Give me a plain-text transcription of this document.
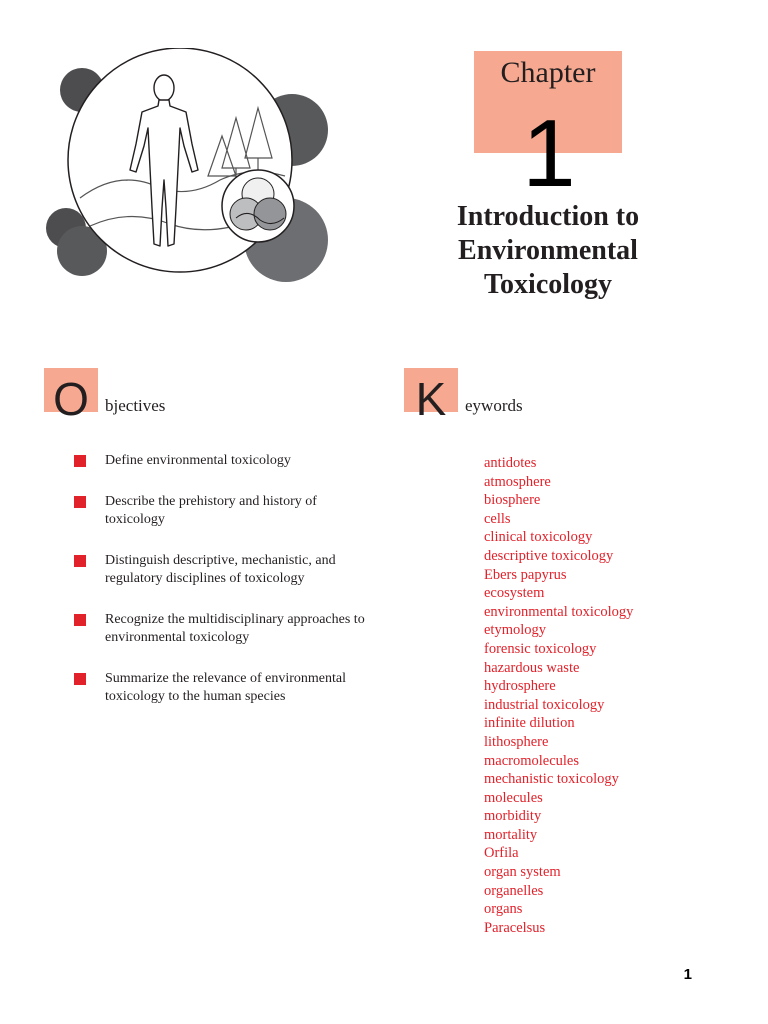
Chapter
1
Introduction to
Environmental
Toxicology
O bjectives
Define environmental toxicology
Describe the prehistory and history of toxicology
Distinguish descriptive, mechanistic, and regulatory disciplines of toxicology
Recognize the multidisciplinary approaches to environmental toxicology
Summarize the relevance of environmental toxicology to the human species
K	eywords
antidotes
atmosphere
biosphere
cells
clinical toxicology
descriptive toxicology
Ebers papyrus
ecosystem
environmental toxicology
etymology
forensic toxicology
hazardous waste
hydrosphere
industrial toxicology
infinite dilution
lithosphere
macromolecules
mechanistic toxicology
molecules
morbidity
mortality
Orfila
organ system
organelles
organs
Paracelsus
1
